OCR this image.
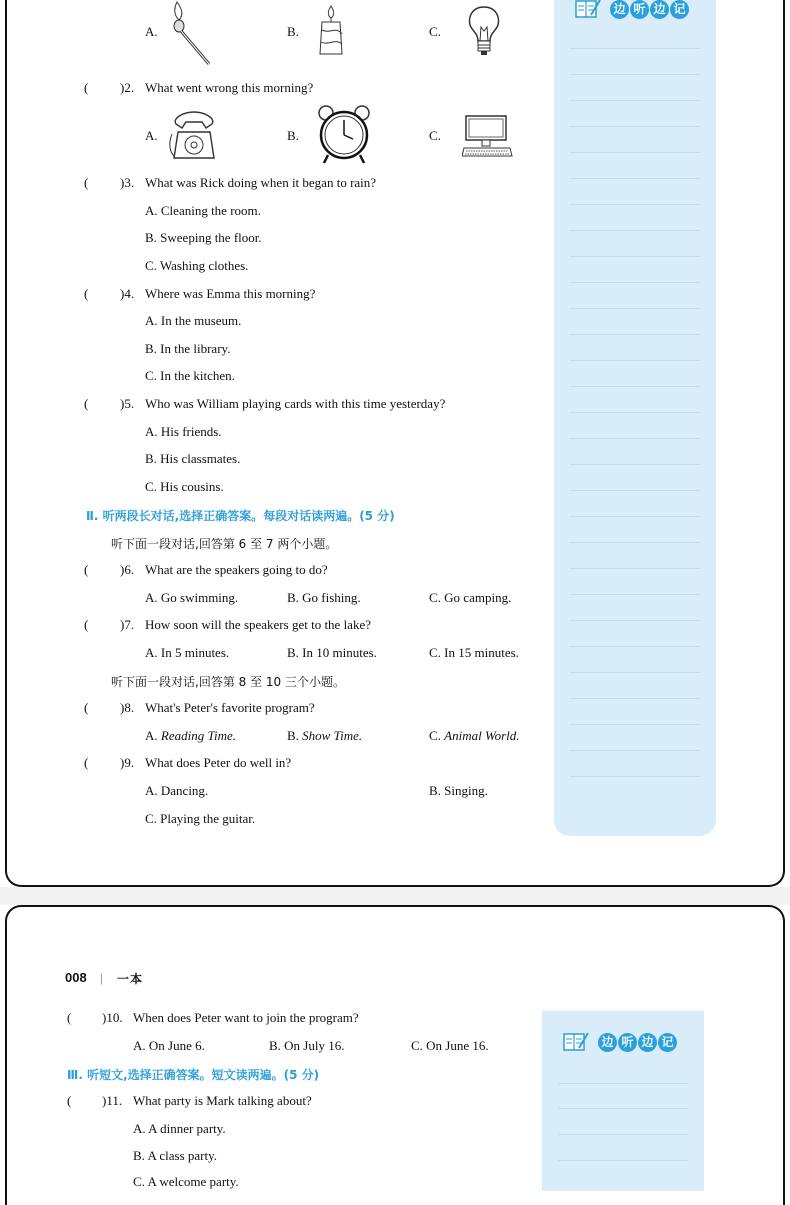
边 听 边 记
A.	B.	C.
( )2. What went wrong this morning?
A.	B.	C.
( )3. What was Rick doing when it began to rain?
A. Cleaning the room.
B. Sweeping the floor.
C. Washing clothes.
( )4. Where was Emma this morning?
A. In the museum.
B. In the library.
C. In the kitchen.
( )5. Who was William playing cards with this time yesterday?
A. His friends.
B. His classmates.
C. His cousins.
Ⅱ. 听两段长对话,选择正确答案。每段对话读两遍。(5 分)
听下面一段对话,回答第 6 至 7 两个小题。
( )6. What are the speakers going to do?
A. Go swimming.	B. Go fishing.	C. Go camping.
( )7. How soon will the speakers get to the lake?
A. In 5 minutes.	B. In 10 minutes.	C. In 15 minutes.
听下面一段对话,回答第 8 至 10 三个小题。
( )8. What's Peter's favorite program?
A. Reading Time.	B. Show Time.	C. Animal World.
( )9. What does Peter do well in?
A. Dancing.	B. Singing.
C. Playing the guitar.
008 | 一本
边 听 边 记
( )10. When does Peter want to join the program?
A. On June 6.	B. On July 16.	C. On June 16.
Ⅲ. 听短文,选择正确答案。短文读两遍。(5 分)
( )11. What party is Mark talking about?
A. A dinner party.
B. A class party.
C. A welcome party.
